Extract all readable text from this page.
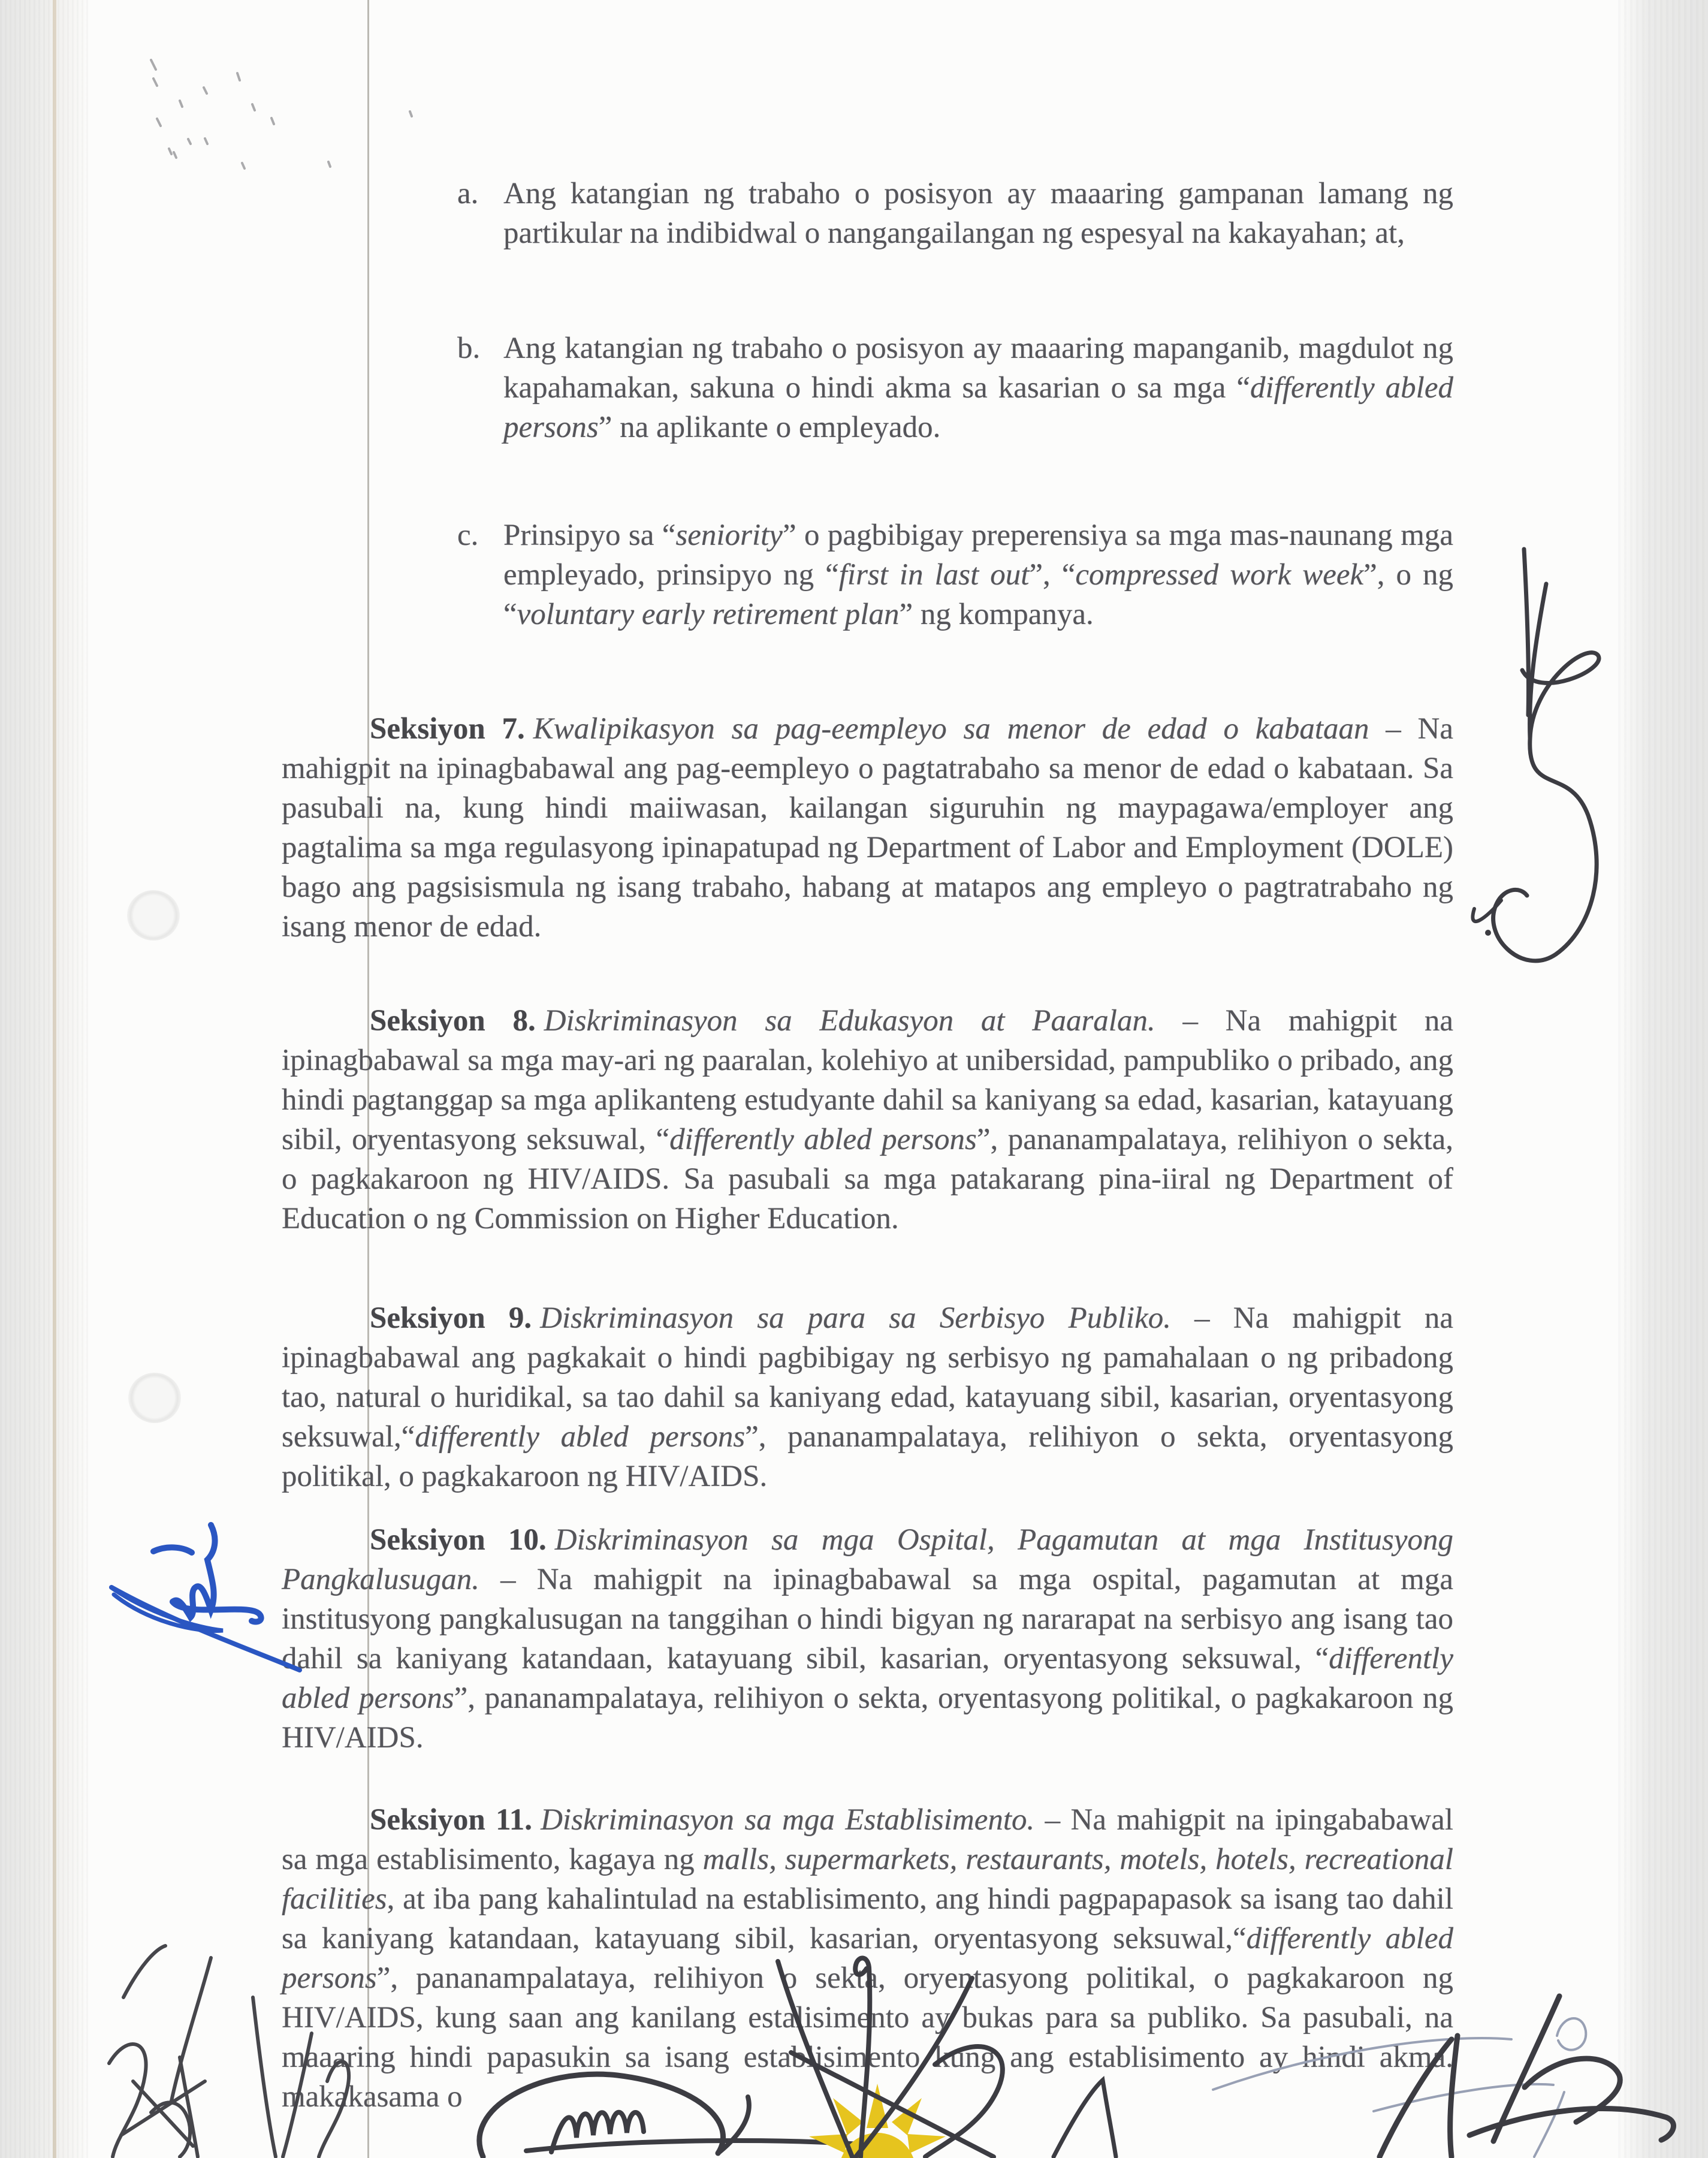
a. Ang katangian ng trabaho o posisyon ay maaaring gampanan lamang ng partikular na indibidwal o nangangailangan ng espesyal na kakayahan; at,
b. Ang katangian ng trabaho o posisyon ay maaaring mapanganib, magdulot ng kapahamakan, sakuna o hindi akma sa kasarian o sa mga “differently abled persons” na aplikante o empleyado.
c. Prinsipyo sa “seniority” o pagbibigay preperensiya sa mga mas-naunang mga empleyado, prinsipyo ng “first in last out”, “compressed work week”, o ng “voluntary early retirement plan” ng kompanya.

Seksiyon 7. Kwalipikasyon sa pag-eempleyo sa menor de edad o kabataan – Na mahigpit na ipinagbabawal ang pag-eempleyo o pagtatrabaho sa menor de edad o kabataan. Sa pasubali na, kung hindi maiiwasan, kailangan siguruhin ng maypagawa/employer ang pagtalima sa mga regulasyong ipinapatupad ng Department of Labor and Employment (DOLE) bago ang pagsisismula ng isang trabaho, habang at matapos ang empleyo o pagtratrabaho ng isang menor de edad.

Seksiyon 8. Diskriminasyon sa Edukasyon at Paaralan. – Na mahigpit na ipinagbabawal sa mga may-ari ng paaralan, kolehiyo at unibersidad, pampubliko o pribado, ang hindi pagtanggap sa mga aplikanteng estudyante dahil sa kaniyang sa edad, kasarian, katayuang sibil, oryentasyong seksuwal, “differently abled persons”, pananampalataya, relihiyon o sekta, o pagkakaroon ng HIV/AIDS. Sa pasubali sa mga patakarang pina-iiral ng Department of Education o ng Commission on Higher Education.

Seksiyon 9. Diskriminasyon sa para sa Serbisyo Publiko. – Na mahigpit na ipinagbabawal ang pagkakait o hindi pagbibigay ng serbisyo ng pamahalaan o ng pribadong tao, natural o huridikal, sa tao dahil sa kaniyang edad, katayuang sibil, kasarian, oryentasyong seksuwal,“differently abled persons”, pananampalataya, relihiyon o sekta, oryentasyong politikal, o pagkakaroon ng HIV/AIDS.

Seksiyon 10. Diskriminasyon sa mga Ospital, Pagamutan at mga Institusyong Pangkalusugan. – Na mahigpit na ipinagbabawal sa mga ospital, pagamutan at mga institusyong pangkalusugan na tanggihan o hindi bigyan ng nararapat na serbisyo ang isang tao dahil sa kaniyang katandaan, katayuang sibil, kasarian, oryentasyong seksuwal, “differently abled persons”, pananampalataya, relihiyon o sekta, oryentasyong politikal, o pagkakaroon ng HIV/AIDS.

Seksiyon 11. Diskriminasyon sa mga Establisimento. – Na mahigpit na ipingababawal sa mga establisimento, kagaya ng malls, supermarkets, restaurants, motels, hotels, recreational facilities, at iba pang kahalintulad na establisimento, ang hindi pagpapapasok sa isang tao dahil sa kaniyang katandaan, katayuang sibil, kasarian, oryentasyong seksuwal,“differently abled persons”, pananampalataya, relihiyon o sekta, oryentasyong politikal, o pagkakaroon ng HIV/AIDS, kung saan ang kanilang estalisimento ay bukas para sa publiko. Sa pasubali, na maaaring hindi papasukin sa isang establisimento kung ang establisimento ay hindi akma. makakasama o
